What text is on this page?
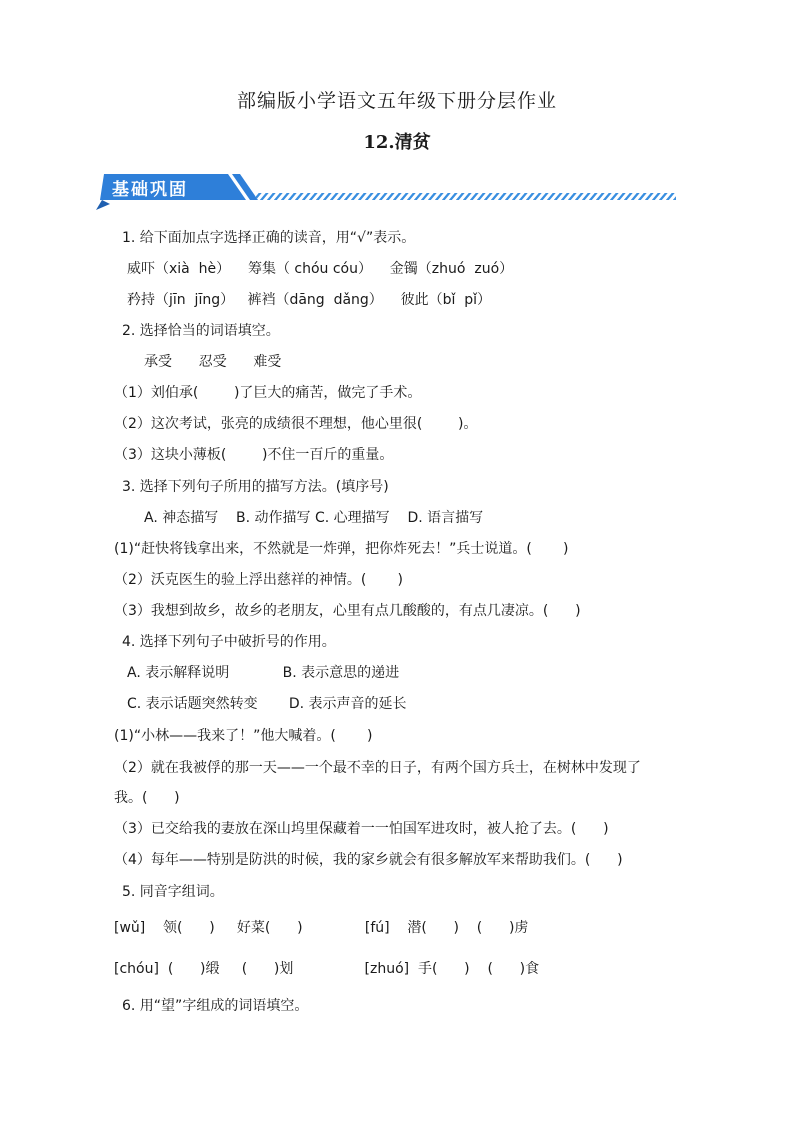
部编版小学语文五年级下册分层作业
12.清贫
基础巩固
1. 给下面加点字选择正确的读音，用“√”表示。
威吓（xià  hè）    筹集（ chóu cóu）    金镯（zhuó  zuó）
矜持（jīn  jīng）   裤裆（dāng  dǎng）    彼此（bǐ  pǐ）
2. 选择恰当的词语填空。
承受      忍受      难受
（1）刘伯承(        )了巨大的痛苦，做完了手术。
（2）这次考试，张亮的成绩很不理想，他心里很(        )。
（3）这块小薄板(        )不住一百斤的重量。
3. 选择下列句子所用的描写方法。(填序号)
A. 神态描写    B. 动作描写 C. 心理描写    D. 语言描写
(1)“赶快将钱拿出来，不然就是一炸弹，把你炸死去！”兵士说道。(       )
（2）沃克医生的验上浮出慈祥的神情。(       )
（3）我想到故乡，故乡的老朋友，心里有点几酸酸的，有点几凄凉。(      )
4. 选择下列句子中破折号的作用。
A. 表示解释说明            B. 表示意思的递进
C. 表示话题突然转变       D. 表示声音的延长
(1)“小林——我来了！”他大喊着。(       )
（2）就在我被俘的那一天——一个最不幸的日子，有两个国方兵士，在树林中发现了
我。(      )
（3）已交给我的妻放在深山坞里保藏着一一怕国军进攻时，被人抢了去。(      )
（4）每年——特别是防洪的时候，我的家乡就会有很多解放军来帮助我们。(      )
5. 同音字组词。
[wǔ]    领(      )     好菜(      )              [fú]    潜(      )    (      )虏
[chóu]  (      )缎     (      )划                [zhuó]  手(      )    (      )食
6. 用“望”字组成的词语填空。
